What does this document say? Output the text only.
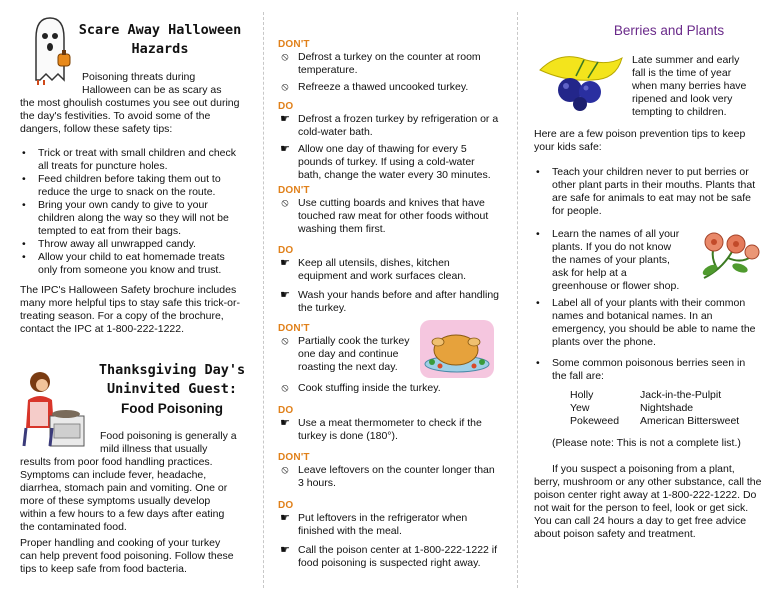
Scare Away Halloween
Hazards

Poisoning threats during

Halloween can be as scary as

the most ghoulish costumes you see out during the day's festivities. To avoid some of the dangers, follow these safety tips:

• Trick or treat with small children and check all treats for puncture holes.
• Feed children before taking them out to reduce the urge to snack on the route.
• Bring your own candy to give to your children along the way so they will not be tempted to eat from their bags.
• Throw away all unwrapped candy.
• Allow your child to eat homemade treats only from someone you know and trust.

The IPC's Halloween Safety brochure includes many more helpful tips to stay safe this trick-or-treating season. For a copy of the brochure, contact the IPC at 1-800-222-1222.

Thanksgiving Day's
Uninvited Guest:
Food Poisoning

Food poisoning is generally a

mild illness that usually

results from poor food handling practices. Symptoms can include fever, headache, diarrhea, stomach pain and vomiting. One or more of these symptoms usually develop within a few hours to a few days after eating the contaminated food.

Proper handling and cooking of your turkey can help prevent food poisoning. Follow these tips to keep safe from food bacteria.

DON'T
⦸ Defrost a turkey on the counter at room temperature.
⦸ Refreeze a thawed uncooked turkey.
DO
☛ Defrost a frozen turkey by refrigeration or a cold-water bath.
☛ Allow one day of thawing for every 5 pounds of turkey. If using a cold-water bath, change the water every 30 minutes.
DON'T
⦸ Use cutting boards and knives that have touched raw meat for other foods without washing them first.
DO
☛ Keep all utensils, dishes, kitchen equipment and work surfaces clean.
☛ Wash your hands before and after handling the turkey.
DON'T
⦸ Partially cook the turkey
one day and continue
roasting the next day.
⦸ Cook stuffing inside the turkey.
DO
☛ Use a meat thermometer to check if the turkey is done (180°).
DON'T
⦸ Leave leftovers on the counter longer than 3 hours.
DO
☛ Put leftovers in the refrigerator when finished with the meal.
☛ Call the poison center at 1-800-222-1222 if food poisoning is suspected right away.
Berries and Plants

Late summer and early

fall is the time of year

when many berries have

ripened and look very

tempting to children.

Here are a few poison prevention tips to keep your kids safe:

• Teach your children never to put berries or other plant parts in their mouths. Plants that are safe for animals to eat may not be safe for people.
• Learn the names of all your
plants. If you do not know
the names of your plants,
ask for help at a
greenhouse or flower shop.
• Label all of your plants with their common names and botanical names. In an emergency, you should be able to name the plants over the phone.
• Some common poisonous berries seen in the fall are:
Holly	Jack-in-the-Pulpit
Yew	Nightshade
Pokeweed	American Bittersweet

(Please note: This is not a complete list.)

If you suspect a poisoning from a plant, berry, mushroom or any other substance, call the poison center right away at 1-800-222-1222. Do not wait for the person to feel, look or get sick. You can call 24 hours a day to get free advice about poison safety and treatment.
